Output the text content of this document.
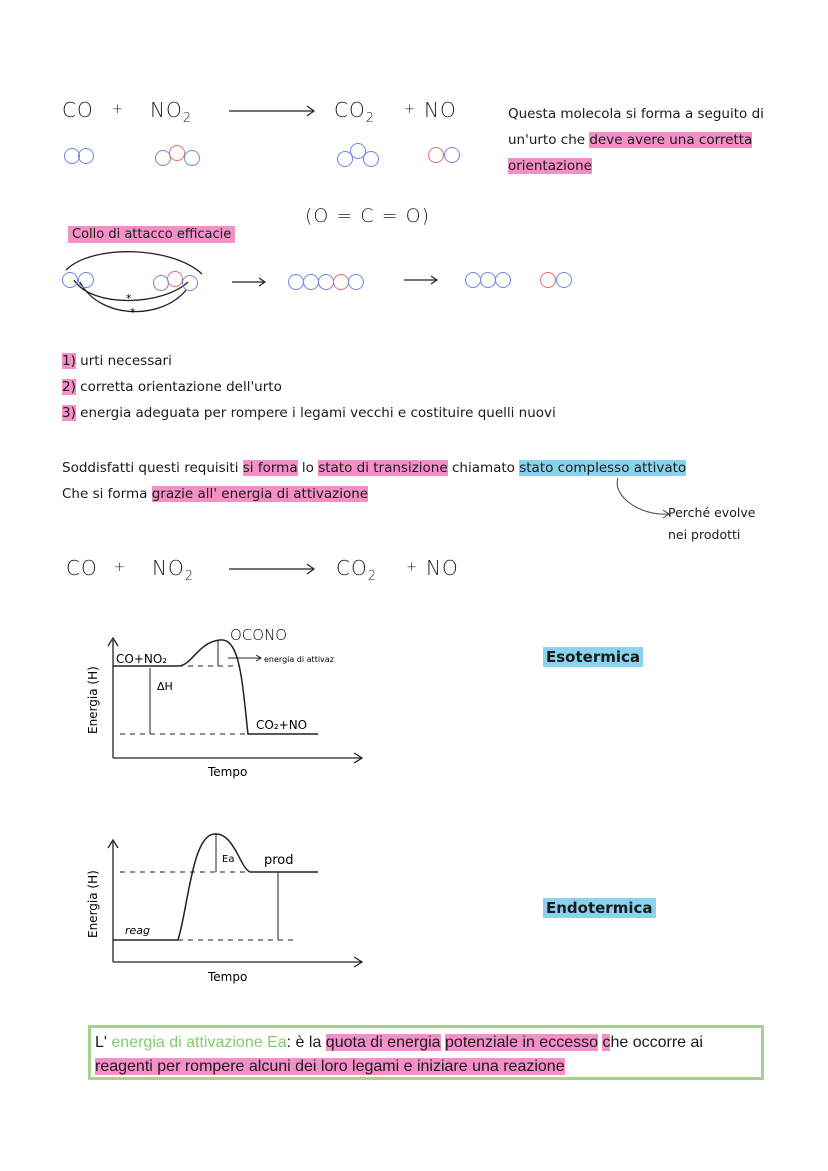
CO + $NO_2$	$CO_2$
+ NO	Questa molecola si forma a seguito di
un'urto che deve avere una corretta
orientazione
(O = C = O)
Collo di attacco efficacie
*
*
1) urti necessari
2) corretta orientazione dell'urto
3) energia adeguata per rompere i legami vecchi e costituire quelli nuovi
Soddisfatti questi requisiti si forma lo stato di transizione chiamato stato complesso attivato
Che si forma grazie all' energia di attivazione
Perché evolve
nei prodotti
CO + $NO_2$	$CO_2$
+ NO
OCONO
CO+NO₂
CO₂+NO
ΔH
energia di attivaz
Energia (H)
Tempo
Esotermica
Ea prod
reag
Energia (H)
Tempo
Endotermica
L' energia di attivazione Ea: è la quota di energia potenziale in eccesso che occorre ai
reagenti per rompere alcuni dei loro legami e iniziare una reazione
